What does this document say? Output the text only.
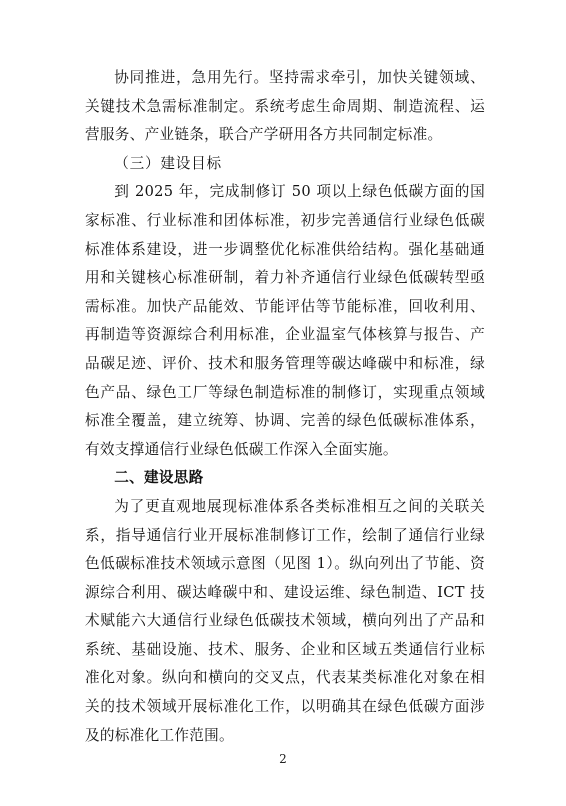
协同推进，急用先行。坚持需求牵引，加快关键领域、关键技术急需标准制定。系统考虑生命周期、制造流程、运营服务、产业链条，联合产学研用各方共同制定标准。

（三）建设目标

到 2025 年，完成制修订 50 项以上绿色低碳方面的国家标准、行业标准和团体标准，初步完善通信行业绿色低碳标准体系建设，进一步调整优化标准供给结构。强化基础通用和关键核心标准研制，着力补齐通信行业绿色低碳转型亟需标准。加快产品能效、节能评估等节能标准，回收利用、再制造等资源综合利用标准，企业温室气体核算与报告、产品碳足迹、评价、技术和服务管理等碳达峰碳中和标准，绿色产品、绿色工厂等绿色制造标准的制修订，实现重点领域标准全覆盖，建立统筹、协调、完善的绿色低碳标准体系，有效支撑通信行业绿色低碳工作深入全面实施。

二、建设思路

为了更直观地展现标准体系各类标准相互之间的关联关系，指导通信行业开展标准制修订工作，绘制了通信行业绿色低碳标准技术领域示意图（见图 1）。纵向列出了节能、资源综合利用、碳达峰碳中和、建设运维、绿色制造、ICT 技术赋能六大通信行业绿色低碳技术领域，横向列出了产品和系统、基础设施、技术、服务、企业和区域五类通信行业标准化对象。纵向和横向的交叉点，代表某类标准化对象在相关的技术领域开展标准化工作，以明确其在绿色低碳方面涉及的标准化工作范围。

2
